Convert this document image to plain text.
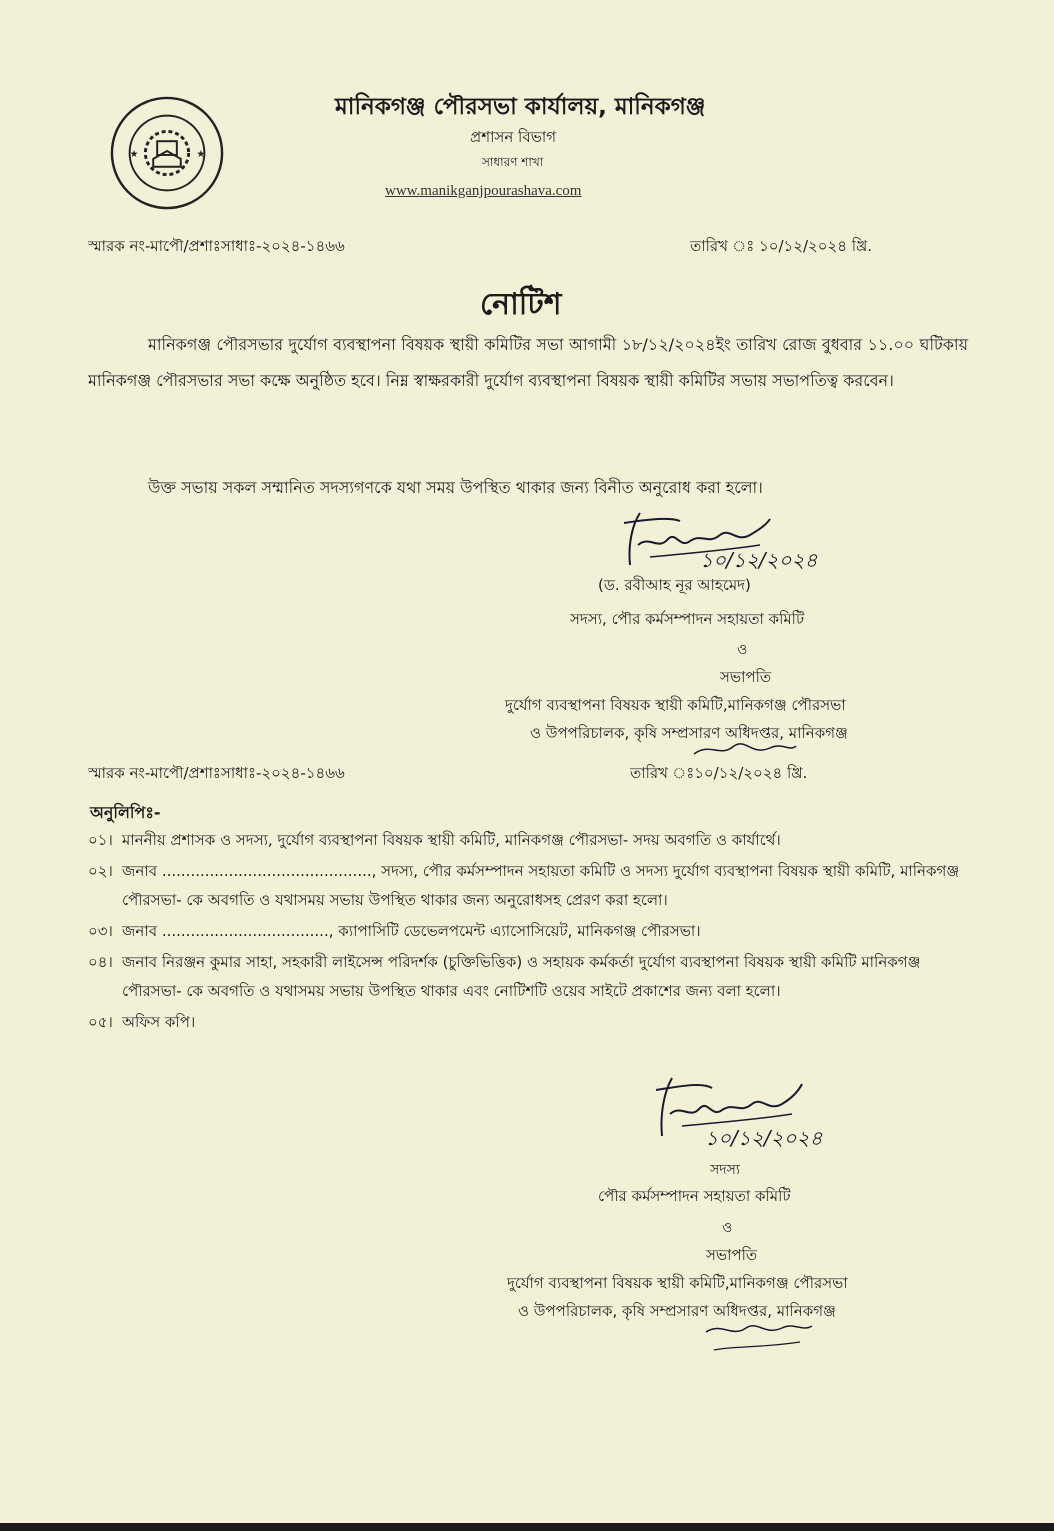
★	★
মানিকগঞ্জ পৌরসভা কার্যালয়, মানিকগঞ্জ
প্রশাসন বিভাগ
সাধারণ শাখা
www.manikganjpourashava.com
স্মারক নং-মাপৌ/প্রশাঃসাধাঃ-২০২৪-১৪৬৬	তারিখ ঃ ১০/১২/২০২৪ খ্রি.
নোটিশ
মানিকগঞ্জ পৌরসভার দুর্যোগ ব্যবস্থাপনা বিষয়ক স্থায়ী কমিটির সভা আগামী ১৮/১২/২০২৪ইং তারিখ রোজ বুধবার ১১.০০ ঘটিকায় মানিকগঞ্জ পৌরসভার সভা কক্ষে অনুষ্ঠিত হবে। নিম্ন স্বাক্ষরকারী দুর্যোগ ব্যবস্থাপনা বিষয়ক স্থায়ী কমিটির সভায় সভাপতিত্ব করবেন।
উক্ত সভায় সকল সম্মানিত সদস্যগণকে যথা সময় উপস্থিত থাকার জন্য বিনীত অনুরোধ করা হলো।
১০/১২/২০২৪
(ড. রবীআহ নূর আহমেদ)
সদস্য, পৌর কর্মসম্পাদন সহায়তা কমিটি
ও
সভাপতি
দুর্যোগ ব্যবস্থাপনা বিষয়ক স্থায়ী কমিটি,মানিকগঞ্জ পৌরসভা
ও উপপরিচালক, কৃষি সম্প্রসারণ অধিদপ্তর, মানিকগঞ্জ
স্মারক নং-মাপৌ/প্রশাঃসাধাঃ-২০২৪-১৪৬৬	তারিখ ঃ১০/১২/২০২৪ খ্রি.
অনুলিপিঃ-
০১। মাননীয় প্রশাসক ও সদস্য, দুর্যোগ ব্যবস্থাপনা বিষয়ক স্থায়ী কমিটি, মানিকগঞ্জ পৌরসভা- সদয় অবগতি ও কার্যার্থে।
০২। জনাব ............................................, সদস্য, পৌর কর্মসম্পাদন সহায়তা কমিটি ও সদস্য দুর্যোগ ব্যবস্থাপনা বিষয়ক স্থায়ী কমিটি, মানিকগঞ্জ পৌরসভা- কে অবগতি ও যথাসময় সভায় উপস্থিত থাকার জন্য অনুরোধসহ প্রেরণ করা হলো।
০৩। জনাব ..................................., ক্যাপাসিটি ডেভেলপমেন্ট এ্যাসোসিয়েট, মানিকগঞ্জ পৌরসভা।
০৪। জনাব নিরঞ্জন কুমার সাহা, সহকারী লাইসেন্স পরিদর্শক (চুক্তিভিত্তিক) ও সহায়ক কর্মকর্তা দুর্যোগ ব্যবস্থাপনা বিষয়ক স্থায়ী কমিটি মানিকগঞ্জ পৌরসভা- কে অবগতি ও যথাসময় সভায় উপস্থিত থাকার এবং নোটিশটি ওয়েব সাইটে প্রকাশের জন্য বলা হলো।
০৫। অফিস কপি।
১০/১২/২০২৪
সদস্য
পৌর কর্মসম্পাদন সহায়তা কমিটি
ও
সভাপতি
দুর্যোগ ব্যবস্থাপনা বিষয়ক স্থায়ী কমিটি,মানিকগঞ্জ পৌরসভা
ও উপপরিচালক, কৃষি সম্প্রসারণ অধিদপ্তর, মানিকগঞ্জ
